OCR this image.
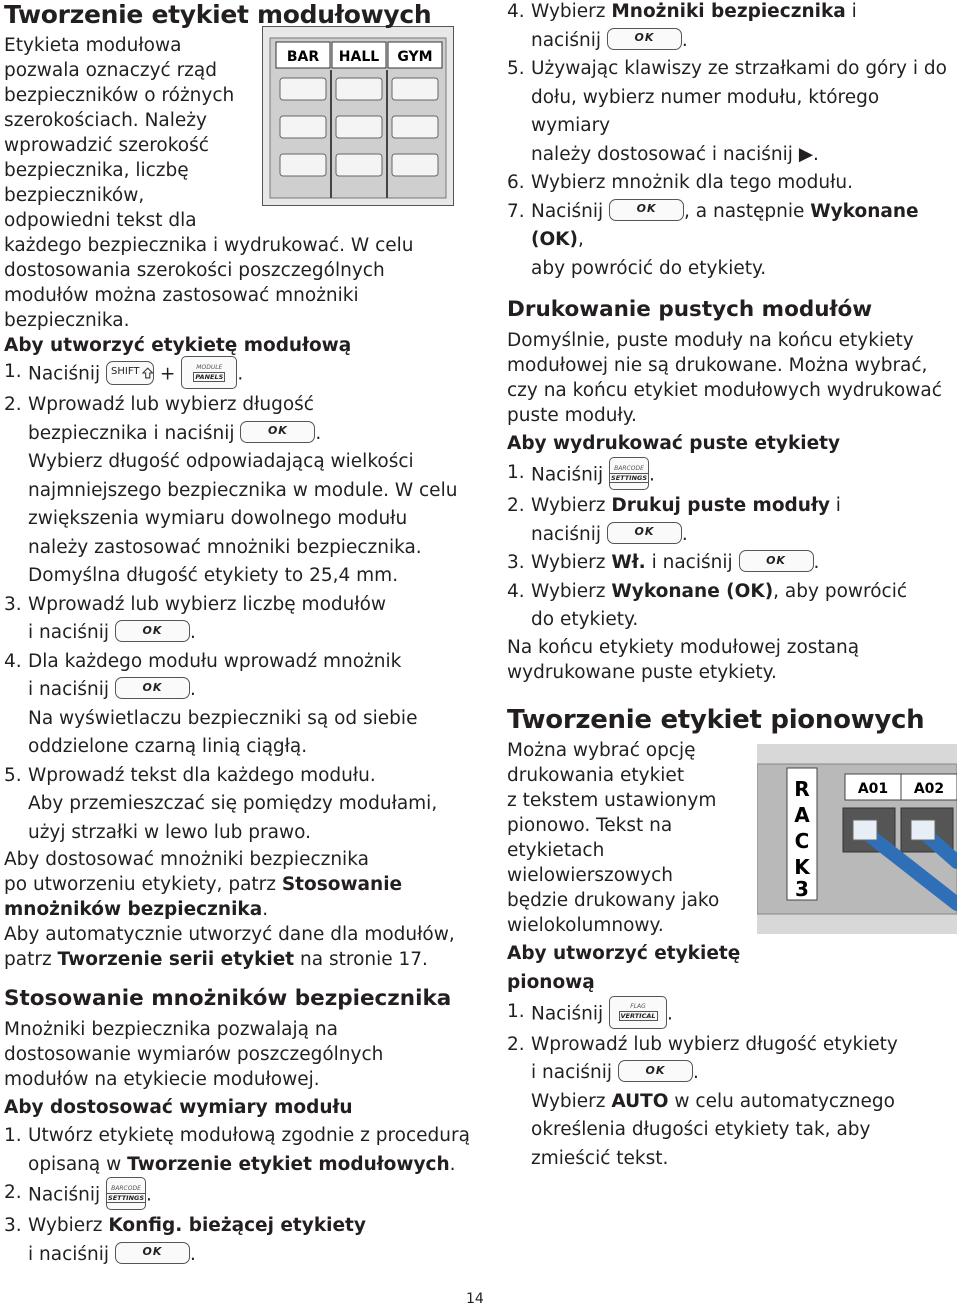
Tworzenie etykiet modułowych
BAR HALL GYM

Etykieta modułowa

pozwala oznaczyć rząd

bezpieczników o różnych

szerokościach. Należy

wprowadzić szerokość

bezpiecznika, liczbę

bezpieczników,

odpowiedni tekst dla

każdego bezpiecznika i wydrukować. W celu dostosowania szerokości poszczególnych modułów można zastosować mnożniki bezpiecznika.

Aby utworzyć etykietę modułową

1. Naciśnij SHIFT +	MODULE
PANELS .
2. Wprowadź lub wybierz długość
bezpiecznika i naciśnij	OK .
Wybierz długość odpowiadającą wielkości
najmniejszego bezpiecznika w module. W celu
zwiększenia wymiaru dowolnego modułu
należy zastosować mnożniki bezpiecznika.
Domyślna długość etykiety to 25,4 mm.
3. Wprowadź lub wybierz liczbę modułów
i naciśnij	OK .
4. Dla każdego modułu wprowadź mnożnik
i naciśnij	OK .
Na wyświetlaczu bezpieczniki są od siebie
oddzielone czarną linią ciągłą.
5. Wprowadź tekst dla każdego modułu.
Aby przemieszczać się pomiędzy modułami,
użyj strzałki w lewo lub prawo.

Aby dostosować mnożniki bezpiecznika

po utworzeniu etykiety, patrz Stosowanie mnożników bezpiecznika.

Aby automatycznie utworzyć dane dla modułów,

patrz Tworzenie serii etykiet na stronie 17.

Stosowanie mnożników bezpiecznika

Mnożniki bezpiecznika pozwalają na dostosowanie wymiarów poszczególnych modułów na etykiecie modułowej.

Aby dostosować wymiary modułu

1. Utwórz etykietę modułową zgodnie z procedurą
opisaną w Tworzenie etykiet modułowych.
2. Naciśnij BARCODE
SETTINGS .
3. Wybierz Konfig. bieżącej etykiety
i naciśnij	OK .
4. Wybierz Mnożniki bezpiecznika i
naciśnij	OK .
5. Używając klawiszy ze strzałkami do góry i do
dołu, wybierz numer modułu, którego wymiary
należy dostosować i naciśnij ▶.
6. Wybierz mnożnik dla tego modułu.
7. Naciśnij	OK , a następnie Wykonane (OK),
aby powrócić do etykiety.
Drukowanie pustych modułów

Domyślnie, puste moduły na końcu etykiety modułowej nie są drukowane. Można wybrać, czy na końcu etykiet modułowych wydrukować puste moduły.

Aby wydrukować puste etykiety

1. Naciśnij BARCODE
SETTINGS .
2. Wybierz Drukuj puste moduły i
naciśnij	OK .
3. Wybierz Wł. i naciśnij	OK .
4. Wybierz Wykonane (OK), aby powrócić
do etykiety.

Na końcu etykiety modułowej zostaną wydrukowane puste etykiety.

Tworzenie etykiet pionowych
A01 A02
R
A
C
K
3

Można wybrać opcję

drukowania etykiet

z tekstem ustawionym

pionowo. Tekst na

etykietach

wielowierszowych

będzie drukowany jako

wielokolumnowy.

Aby utworzyć etykietę

pionową

1. Naciśnij	FLAG
VERTICAL .
2. Wprowadź lub wybierz długość etykiety
i naciśnij	OK .
Wybierz AUTO w celu automatycznego
określenia długości etykiety tak, aby
zmieścić tekst.
14
